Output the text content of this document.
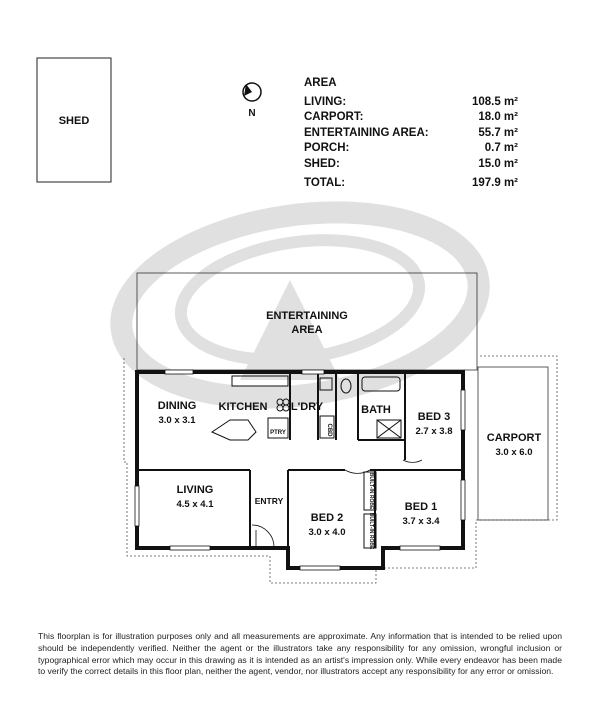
SHED
N
ENTERTAINING
AREA
CARPORT
3.0 x 6.0
DINING
3.0 x 3.1
KITCHEN
PTRY
L'DRY
CBD
BATH
BED 3
2.7 x 3.8
LIVING
4.5 x 4.1	ENTRY
BED 2
3.0 x 4.0
BED 1
3.7 x 3.4
BUILT-IN ROBE
BUILT-IN ROBE
AREA
LIVING:	108.5 m²
CARPORT:	18.0 m²
ENTERTAINING AREA:	55.7 m²
PORCH:	0.7 m²
SHED:	15.0 m²
TOTAL:	197.9 m²
This floorplan is for illustration purposes only and all measurements are approximate. Any information that is intended to be relied upon should be independently verified. Neither the agent or the illustrators take any responsibility for any omission, wrongful inclusion or typographical error which may occur in this drawing as it is intended as an artist's impression only. While every endeavor has been made to verify the correct details in this floor plan, neither the agent, vendor, nor illustrators accept any responsibility for any error or omission.
